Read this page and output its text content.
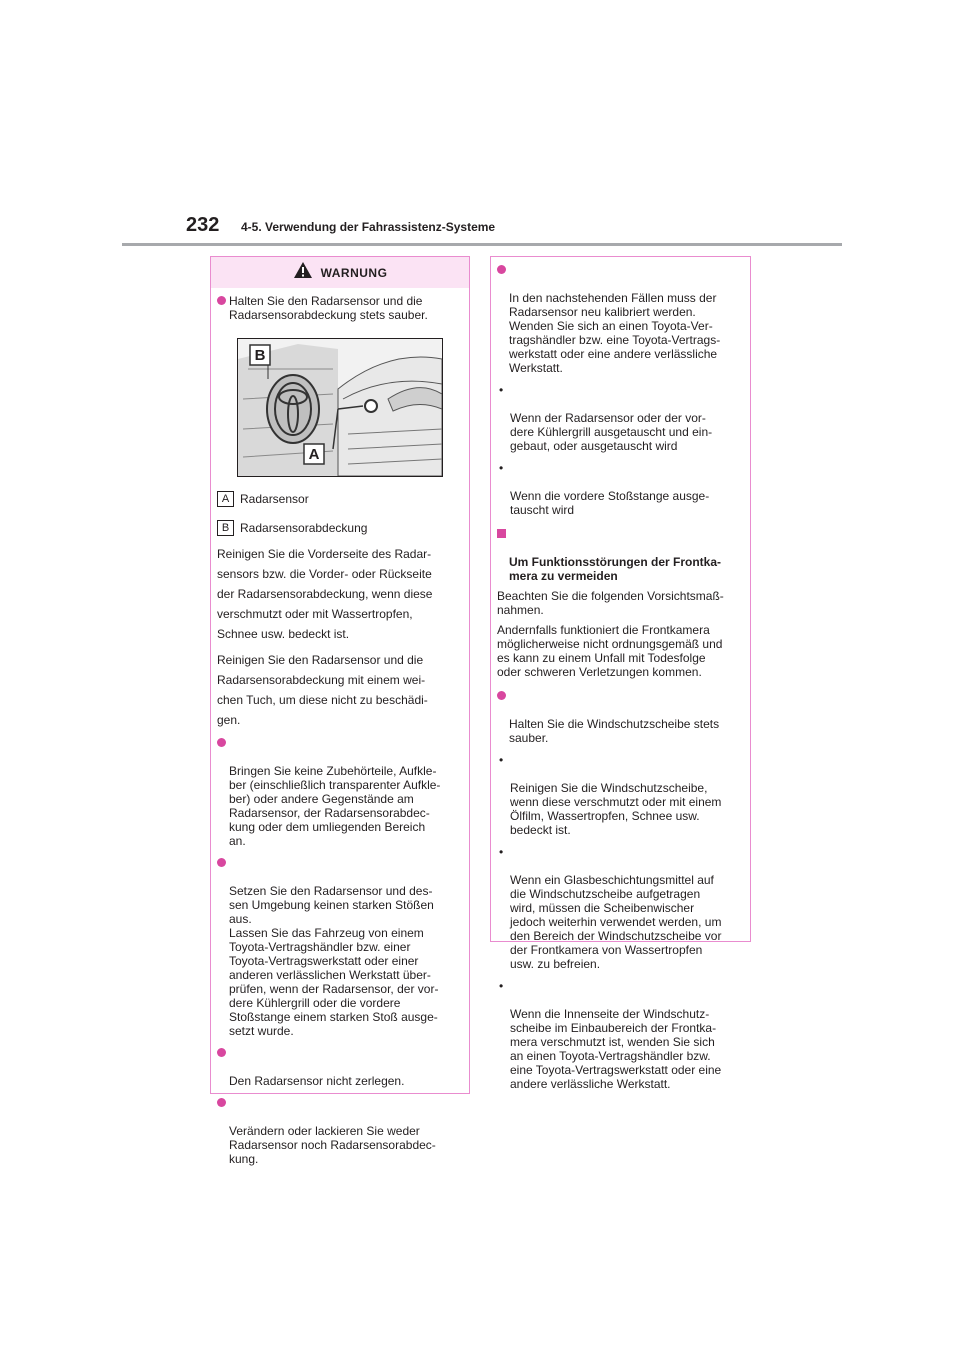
232 4-5. Verwendung der Fahrassistenz-Systeme
WARNUNG
Halten Sie den Radarsensor und die Radarsensorabdeckung stets sauber.
B
A
A Radarsensor
B Radarsensorabdeckung
Reinigen Sie die Vorderseite des Radar-
sensors bzw. die Vorder- oder Rückseite
der Radarsensorabdeckung, wenn diese
verschmutzt oder mit Wassertropfen,
Schnee usw. bedeckt ist.
Reinigen Sie den Radarsensor und die
Radarsensorabdeckung mit einem wei-
chen Tuch, um diese nicht zu beschädi-
gen.

Bringen Sie keine Zubehörteile, Aufkle-
ber (einschließlich transparenter Aufkle-
ber) oder andere Gegenstände am
Radarsensor, der Radarsensorabdec-
kung oder dem umliegenden Bereich
an.

Setzen Sie den Radarsensor und des-
sen Umgebung keinen starken Stößen
aus.
Lassen Sie das Fahrzeug von einem
Toyota-Vertragshändler bzw. einer
Toyota-Vertragswerkstatt oder einer
anderen verlässlichen Werkstatt über-
prüfen, wenn der Radarsensor, der vor-
dere Kühlergrill oder die vordere
Stoßstange einem starken Stoß ausge-
setzt wurde.

Den Radarsensor nicht zerlegen.

Verändern oder lackieren Sie weder
Radarsensor noch Radarsensorabdec-
kung.

In den nachstehenden Fällen muss der
Radarsensor neu kalibriert werden.
Wenden Sie sich an einen Toyota-Ver-
tragshändler bzw. eine Toyota-Vertrags-
werkstatt oder eine andere verlässliche
Werkstatt.

•

Wenn der Radarsensor oder der vor-
dere Kühlergrill ausgetauscht und ein-
gebaut, oder ausgetauscht wird

•

Wenn die vordere Stoßstange ausge-
tauscht wird

Um Funktionsstörungen der Frontka-
mera zu vermeiden

Beachten Sie die folgenden Vorsichtsmaß-
nahmen.
Andernfalls funktioniert die Frontkamera
möglicherweise nicht ordnungsgemäß und
es kann zu einem Unfall mit Todesfolge
oder schweren Verletzungen kommen.

Halten Sie die Windschutzscheibe stets
sauber.

•

Reinigen Sie die Windschutzscheibe,
wenn diese verschmutzt oder mit einem
Ölfilm, Wassertropfen, Schnee usw.
bedeckt ist.

•

Wenn ein Glasbeschichtungsmittel auf
die Windschutzscheibe aufgetragen
wird, müssen die Scheibenwischer
jedoch weiterhin verwendet werden, um
den Bereich der Windschutzscheibe vor
der Frontkamera von Wassertropfen
usw. zu befreien.

•

Wenn die Innenseite der Windschutz-
scheibe im Einbaubereich der Frontka-
mera verschmutzt ist, wenden Sie sich
an einen Toyota-Vertragshändler bzw.
eine Toyota-Vertragswerkstatt oder eine
andere verlässliche Werkstatt.
